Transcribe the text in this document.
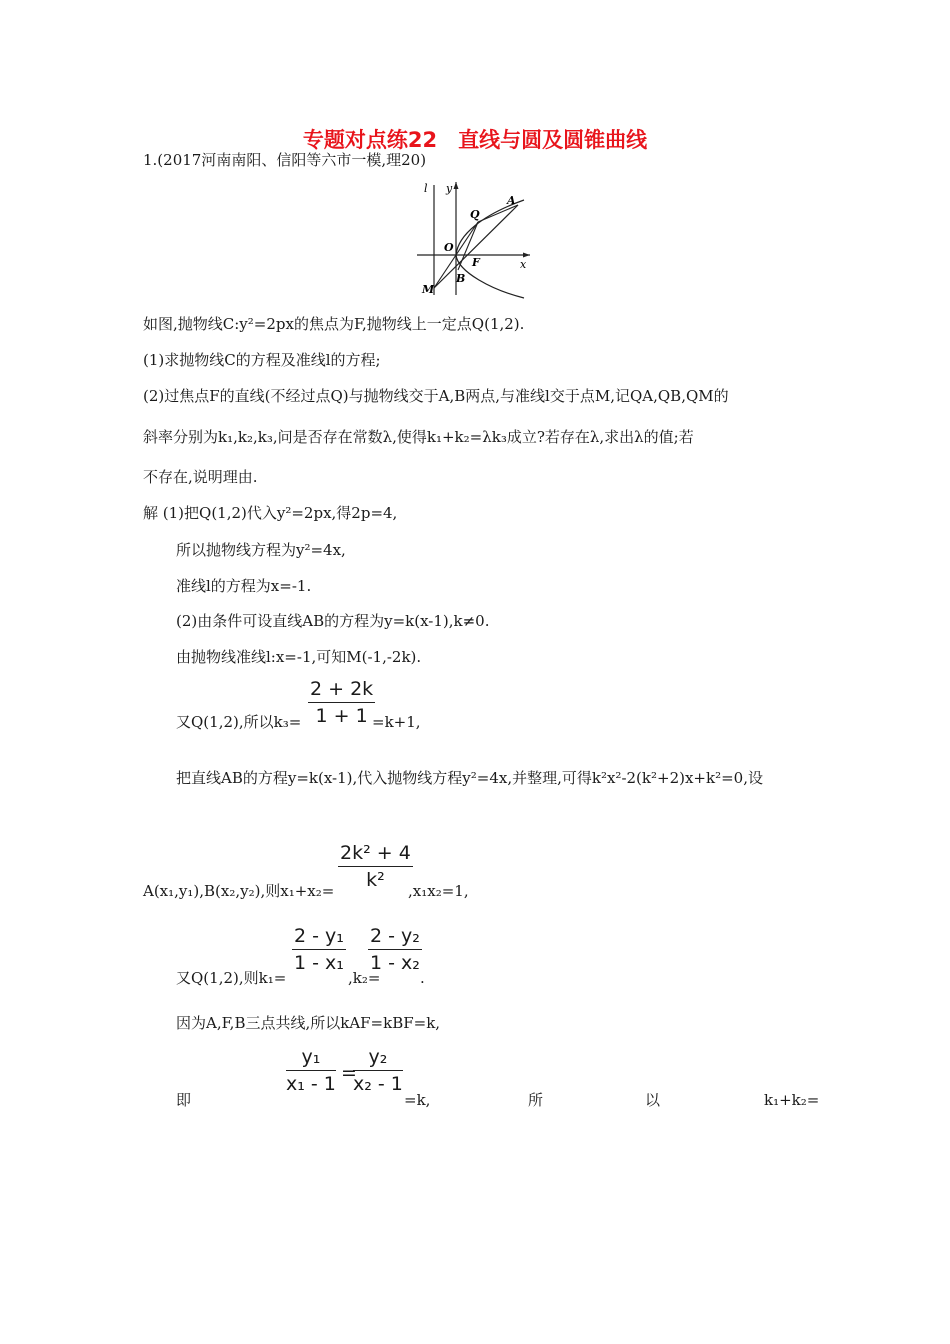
专题对点练22　直线与圆及圆锥曲线
1.(2017河南南阳、信阳等六市一模,理20)
l y
x
A
Q
O
F
B
M
如图,抛物线C:y²=2px的焦点为F,抛物线上一定点Q(1,2).
(1)求抛物线C的方程及准线l的方程;
(2)过焦点F的直线(不经过点Q)与抛物线交于A,B两点,与准线l交于点M,记QA,QB,QM的
斜率分别为k₁,k₂,k₃,问是否存在常数λ,使得k₁+k₂=λk₃成立?若存在λ,求出λ的值;若
不存在,说明理由.
解 (1)把Q(1,2)代入y²=2px,得2p=4,
所以抛物线方程为y²=4x,
准线l的方程为x=-1.
(2)由条件可设直线AB的方程为y=k(x-1),k≠0.
由抛物线准线l:x=-1,可知M(-1,-2k).
又Q(1,2),所以$k_3= \frac{2 + 2k}{1 + 1}$
=k+1,
把直线AB的方程y=k(x-1),代入抛物线方程y²=4x,并整理,可得k²x²-2(k²+2)x+k²=0,设
A(x₁,y₁),B(x₂,y₂),则$x_1+x_2= \frac{\text{2k² + 4}}{\text{k²}}$
,x₁x₂=1,
又Q(1,2),则k₁=
$\frac{\text{2 - y₁}}{\text{1 - x₁}}$
,k₂=
$\frac{\text{2 - y₂}}{\text{1 - x₂}}$
.
因为A,F,B三点共线,所以kAF=kBF=k,
即
$\frac{\text{y₁}}{\text{x₁ - 1}}$ =
$\frac{\text{y₂}}{\text{x₂ - 1}}$
=k,	所	以	k₁+k₂=
